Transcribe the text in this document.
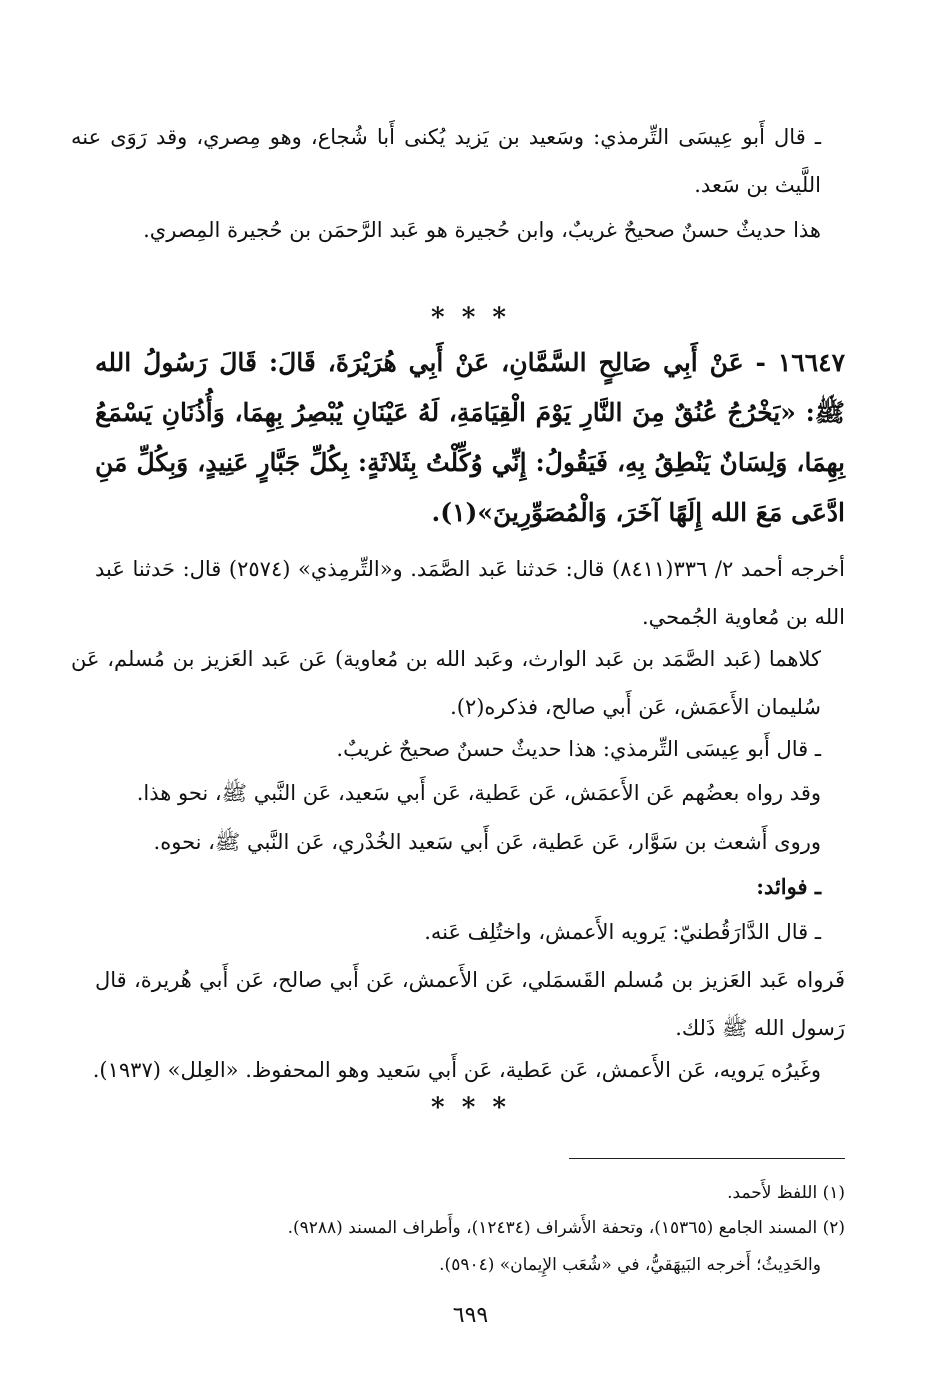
ـ قال أَبو عِيسَى التِّرمذي: وسَعيد بن يَزيد يُكنى أَبا شُجاع، وهو مِصري، وقد رَوَى عنه اللَّيث بن سَعد.

هذا حديثٌ حسنٌ صحيحٌ غريبٌ، وابن حُجيرة هو عَبد الرَّحمَن بن حُجيرة المِصري.

* * *

١٦٦٤٧ - عَنْ أَبِي صَالِحٍ السَّمَّانِ، عَنْ أَبِي هُرَيْرَةَ، قَالَ: قَالَ رَسُولُ الله ﷺ: «يَخْرُجُ عُنُقٌ مِنَ النَّارِ يَوْمَ الْقِيَامَةِ، لَهُ عَيْنَانِ يُبْصِرُ بِهِمَا، وَأُذُنَانِ يَسْمَعُ بِهِمَا، وَلِسَانٌ يَنْطِقُ بِهِ، فَيَقُولُ: إِنِّي وُكِّلْتُ بِثَلاثَةٍ: بِكُلِّ جَبَّارٍ عَنِيدٍ، وَبِكُلِّ مَنِ ادَّعَى مَعَ الله إِلَهًا آخَرَ، وَالْمُصَوِّرِينَ»(١).

أخرجه أحمد ٢/ ٣٣٦(٨٤١١) قال: حَدثنا عَبد الصَّمَد. و«التِّرمِذي» (٢٥٧٤) قال: حَدثنا عَبد الله بن مُعاوية الجُمحي.

كلاهما (عَبد الصَّمَد بن عَبد الوارث، وعَبد الله بن مُعاوية) عَن عَبد العَزيز بن مُسلم، عَن سُليمان الأَعمَش، عَن أَبي صالح، فذكره(٢).

ـ قال أَبو عِيسَى التِّرمذي: هذا حديثٌ حسنٌ صحيحٌ غريبٌ.
وقد رواه بعضُهم عَن الأَعمَش، عَن عَطية، عَن أَبي سَعيد، عَن النَّبي ﷺ، نحو هذا.
وروى أَشعث بن سَوَّار، عَن عَطية، عَن أَبي سَعيد الخُدْري، عَن النَّبي ﷺ، نحوه.
ـ فوائد:
ـ قال الدَّارَقُطنيّ: يَرويه الأَعمش، واختُلِف عَنه.

فَرواه عَبد العَزيز بن مُسلم القَسمَلي، عَن الأَعمش، عَن أَبي صالح، عَن أَبي هُريرة، قال رَسول الله ﷺ ذَلك.

وغَيرُه يَرويه، عَن الأَعمش، عَن عَطية، عَن أَبي سَعيد وهو المحفوظ. «العِلل» (١٩٣٧).
* * *
(١) اللفظ لأَحمد.
(٢) المسند الجامع (١٥٣٦٥)، وتحفة الأَشراف (١٢٤٣٤)، وأَطراف المسند (٩٢٨٨).
والحَدِيثُ؛ أَخرجه البَيهَقيُّ، في «شُعَب الإِيمان» (٥٩٠٤).
٦٩٩
